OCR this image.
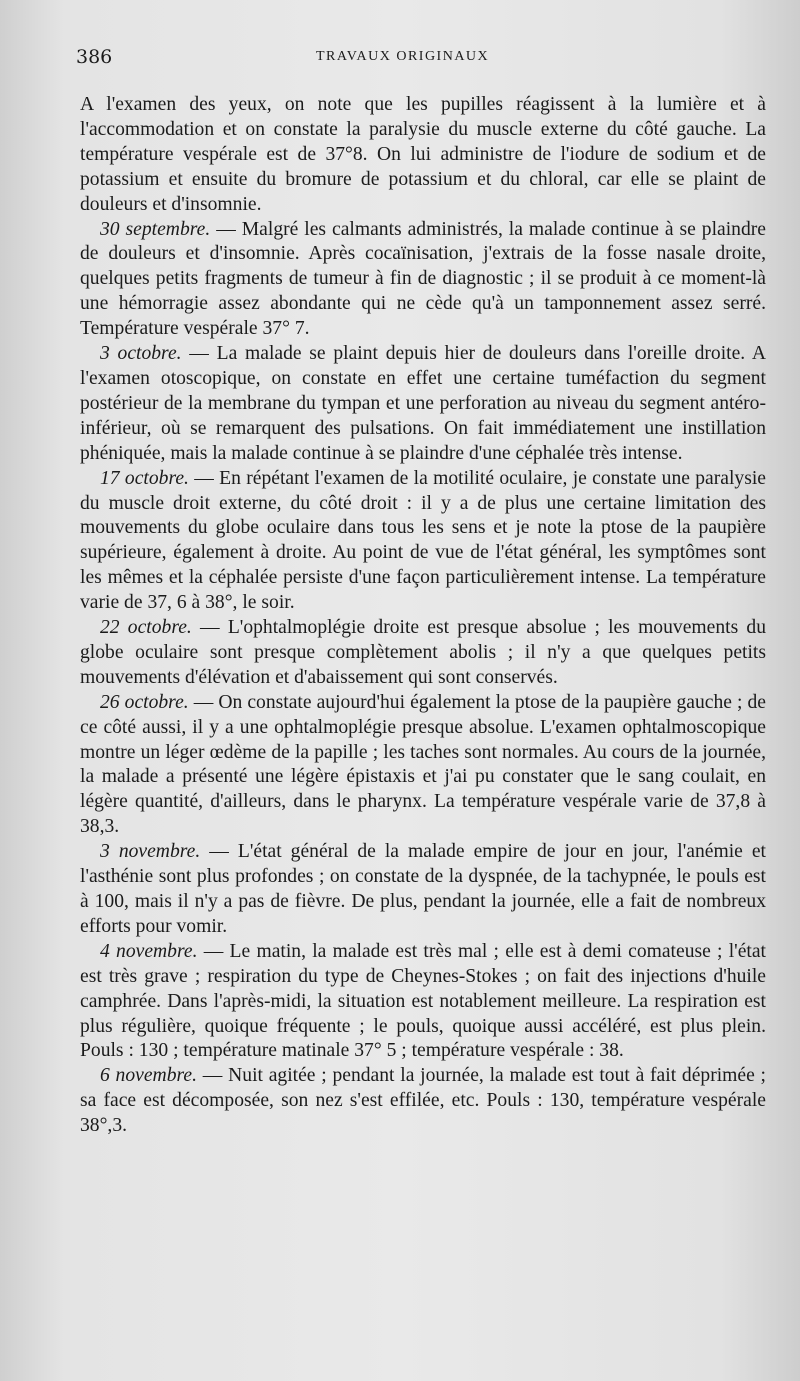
386	TRAVAUX ORIGINAUX

A l'examen des yeux, on note que les pupilles réagissent à la lumière et à l'accommodation et on constate la paralysie du muscle externe du côté gauche. La température vespérale est de 37°8. On lui administre de l'iodure de sodium et de potassium et ensuite du bromure de potassium et du chloral, car elle se plaint de douleurs et d'insomnie.

30 septembre. — Malgré les calmants administrés, la malade continue à se plaindre de douleurs et d'insomnie. Après cocaïnisation, j'extrais de la fosse nasale droite, quelques petits fragments de tumeur à fin de diagnostic ; il se produit à ce moment-là une hémorragie assez abondante qui ne cède qu'à un tamponnement assez serré. Température vespérale 37° 7.

3 octobre. — La malade se plaint depuis hier de douleurs dans l'oreille droite. A l'examen otoscopique, on constate en effet une certaine tuméfaction du segment postérieur de la membrane du tympan et une perforation au niveau du segment antéro-inférieur, où se remarquent des pulsations. On fait immédiatement une instillation phéniquée, mais la malade continue à se plaindre d'une céphalée très intense.

17 octobre. — En répétant l'examen de la motilité oculaire, je constate une paralysie du muscle droit externe, du côté droit : il y a de plus une certaine limitation des mouvements du globe oculaire dans tous les sens et je note la ptose de la paupière supérieure, également à droite. Au point de vue de l'état général, les symptômes sont les mêmes et la céphalée persiste d'une façon particulièrement intense. La température varie de 37, 6 à 38°, le soir.

22 octobre. — L'ophtalmoplégie droite est presque absolue ; les mouvements du globe oculaire sont presque complètement abolis ; il n'y a que quelques petits mouvements d'élévation et d'abaissement qui sont conservés.

26 octobre. — On constate aujourd'hui également la ptose de la paupière gauche ; de ce côté aussi, il y a une ophtalmoplégie presque absolue. L'examen ophtalmoscopique montre un léger œdème de la papille ; les taches sont normales. Au cours de la journée, la malade a présenté une légère épistaxis et j'ai pu constater que le sang coulait, en légère quantité, d'ailleurs, dans le pharynx. La température vespérale varie de 37,8 à 38,3.

3 novembre. — L'état général de la malade empire de jour en jour, l'anémie et l'asthénie sont plus profondes ; on constate de la dyspnée, de la tachypnée, le pouls est à 100, mais il n'y a pas de fièvre. De plus, pendant la journée, elle a fait de nombreux efforts pour vomir.

4 novembre. — Le matin, la malade est très mal ; elle est à demi comateuse ; l'état est très grave ; respiration du type de Cheynes-Stokes ; on fait des injections d'huile camphrée. Dans l'après-midi, la situation est notablement meilleure. La respiration est plus régulière, quoique fréquente ; le pouls, quoique aussi accéléré, est plus plein. Pouls : 130 ; température matinale 37° 5 ; température vespérale : 38.

6 novembre. — Nuit agitée ; pendant la journée, la malade est tout à fait déprimée ; sa face est décomposée, son nez s'est effilée, etc. Pouls : 130, température vespérale 38°,3.
